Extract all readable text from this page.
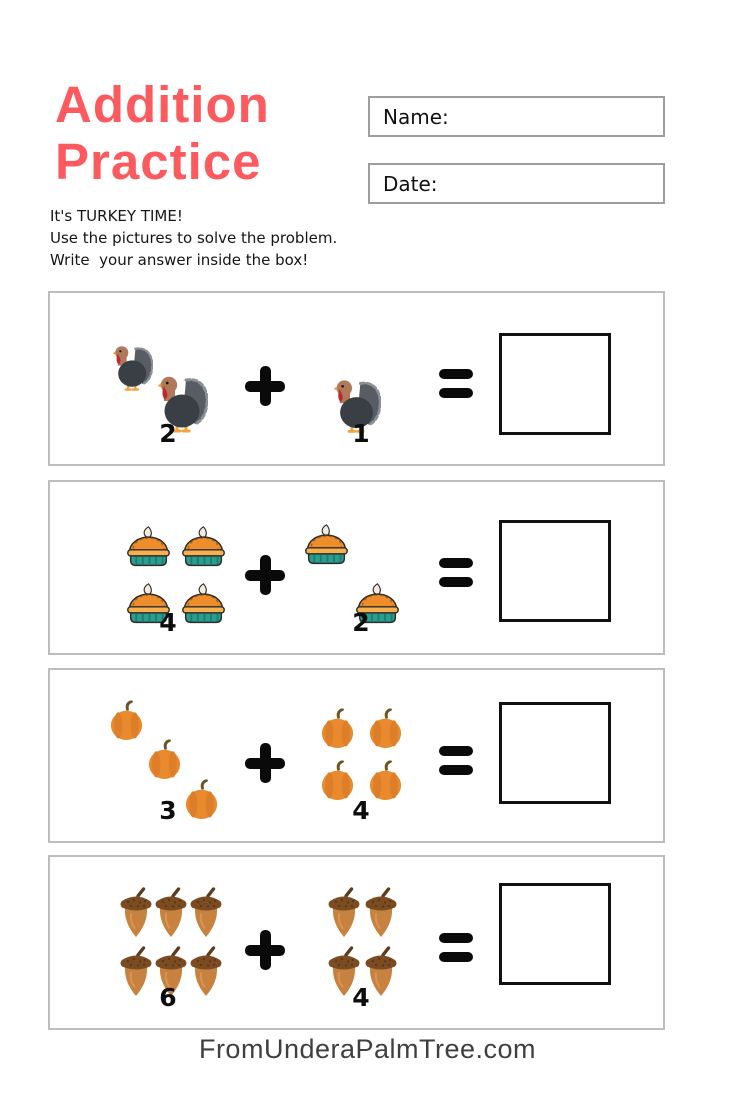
Addition
Practice
Name:
Date:

It's TURKEY TIME!

Use the pictures to solve the problem.

Write  your answer inside the box!

2	1
4	2
3	4
6	4
FromUnderaPalmTree.com
